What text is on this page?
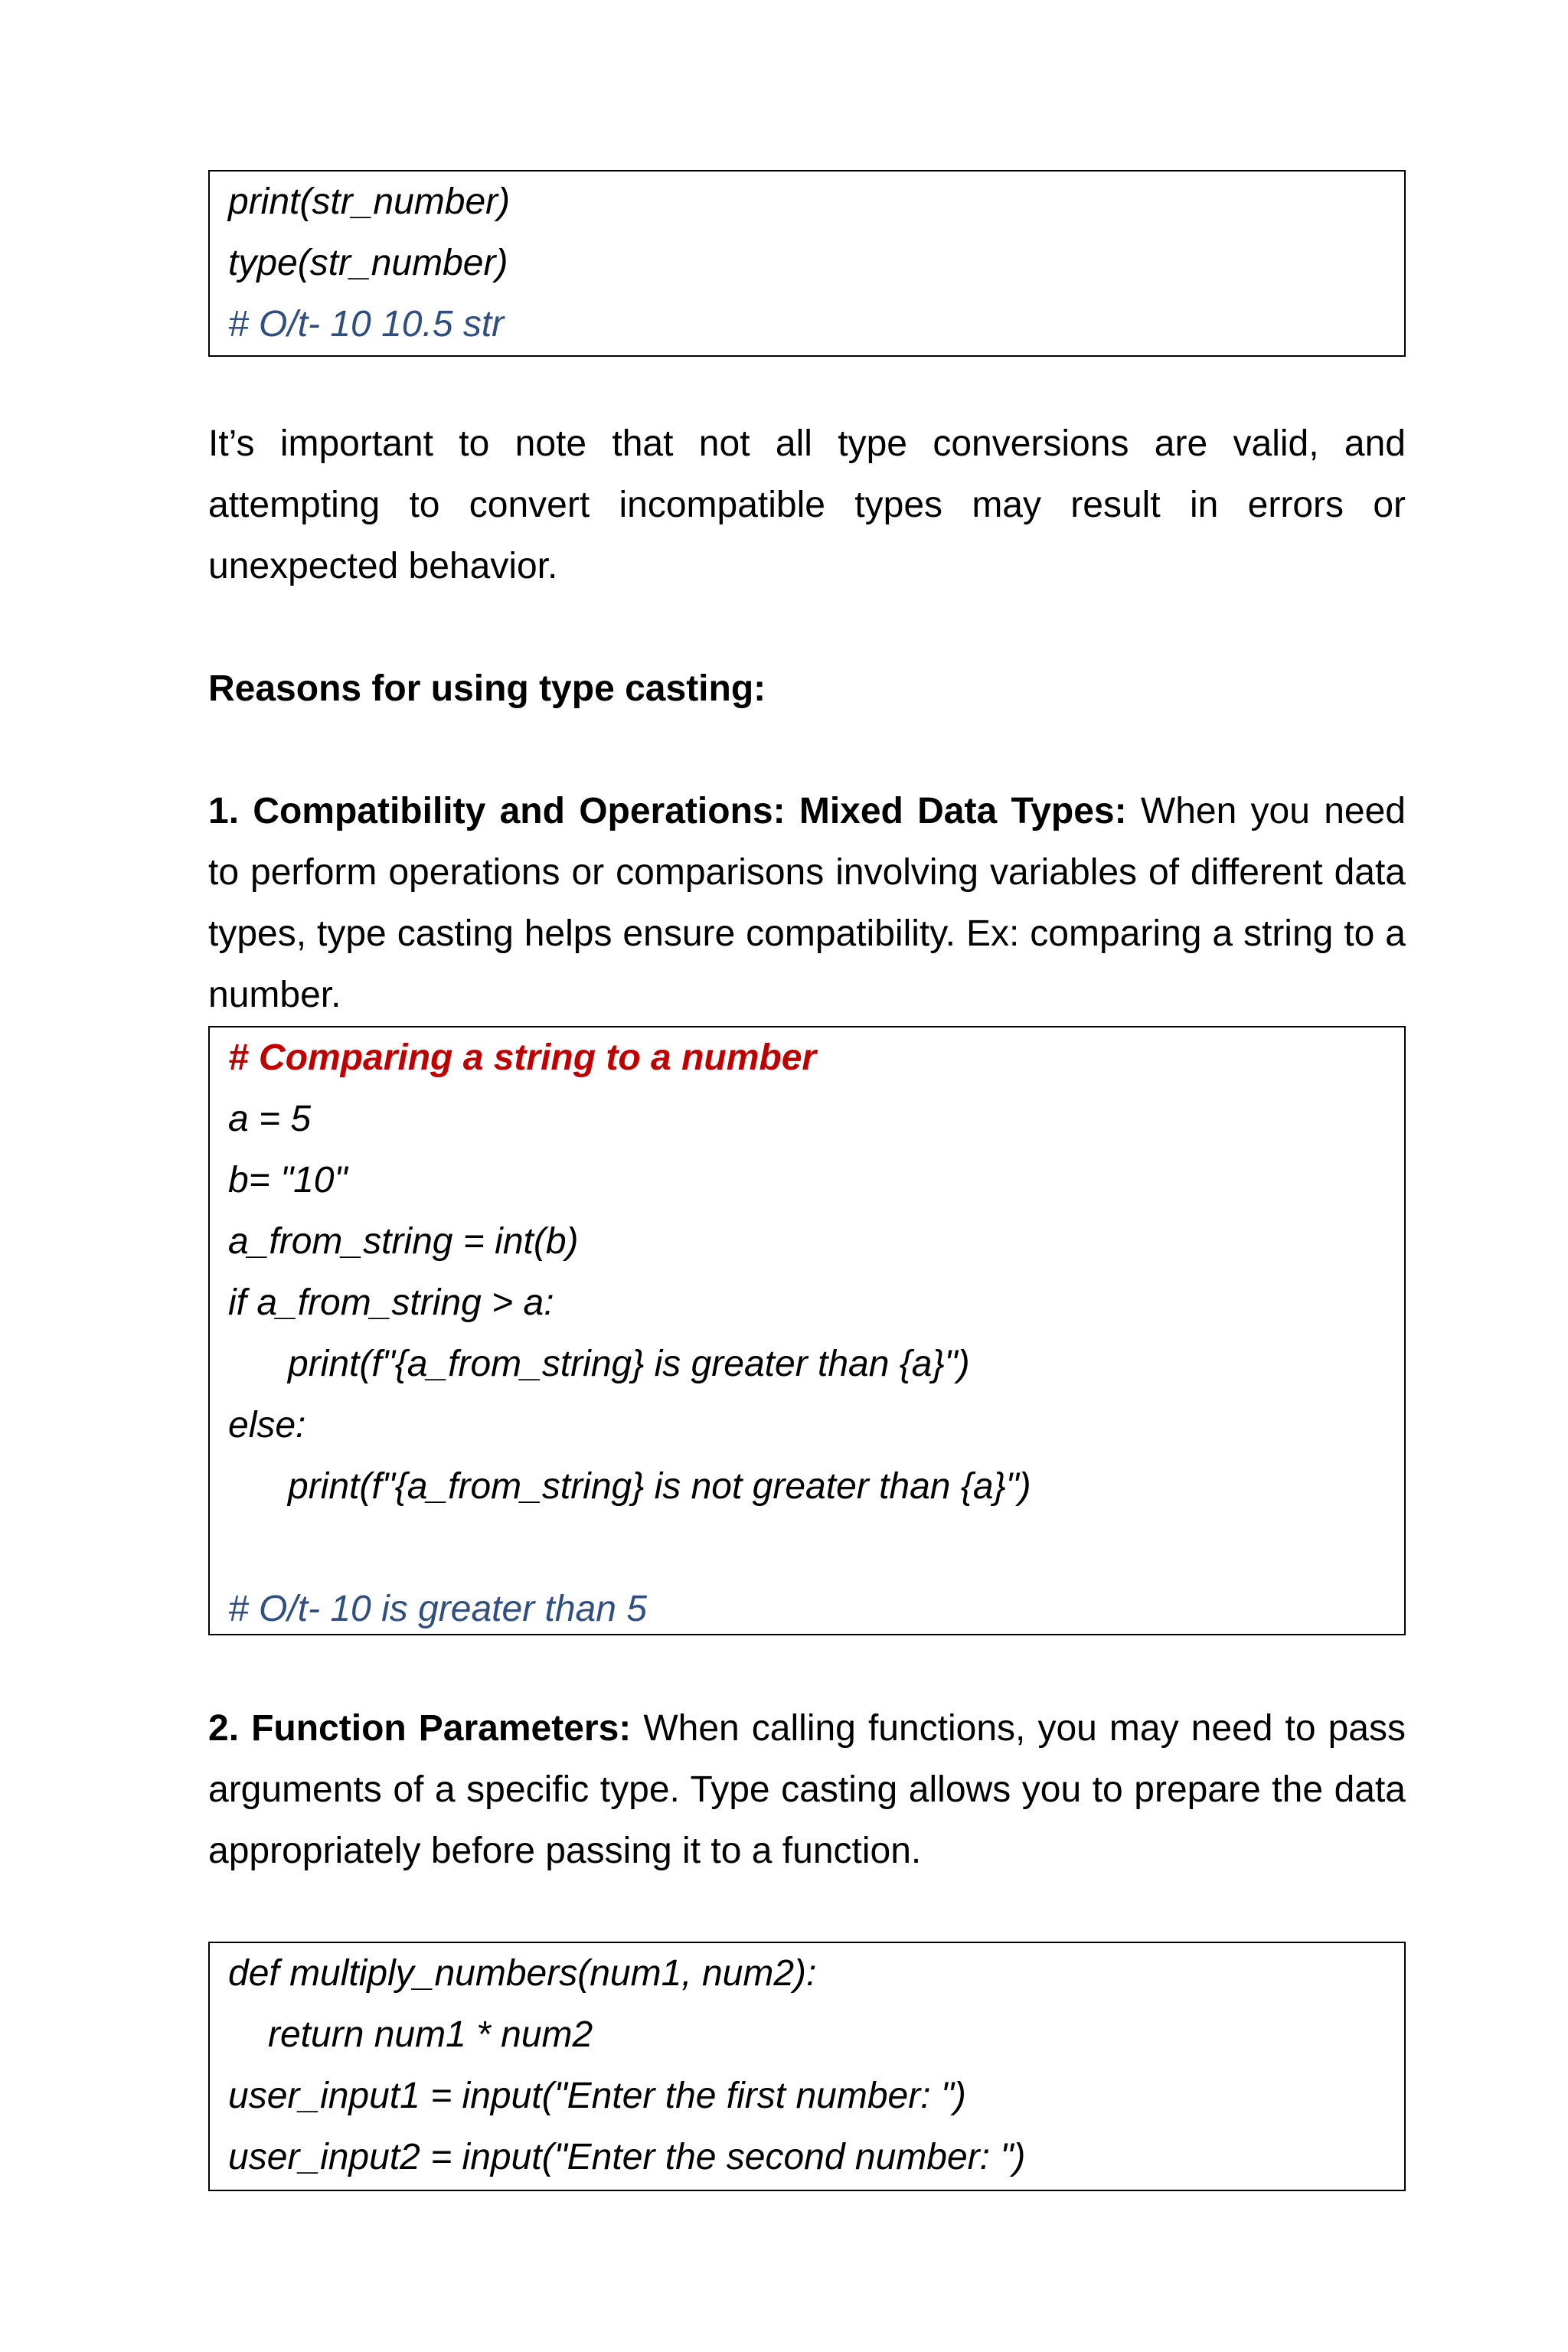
print(str_number)
type(str_number)
# O/t- 10 10.5 str

It’s important to note that not all type conversions are valid, and attempting to convert incompatible types may result in errors or unexpected behavior.

Reasons for using type casting:

1. Compatibility and Operations: Mixed Data Types: When you need to perform operations or comparisons involving variables of different data types, type casting helps ensure compatibility. Ex: comparing a string to a number.

# Comparing a string to a number
a = 5
b= "10"
a_from_string = int(b)
if a_from_string > a:
print(f"{a_from_string} is greater than {a}")
else:
print(f"{a_from_string} is not greater than {a}")
# O/t- 10 is greater than 5

2. Function Parameters: When calling functions, you may need to pass arguments of a specific type. Type casting allows you to prepare the data appropriately before passing it to a function.

def multiply_numbers(num1, num2):
return num1 * num2
user_input1 = input("Enter the first number: ")
user_input2 = input("Enter the second number: ")
